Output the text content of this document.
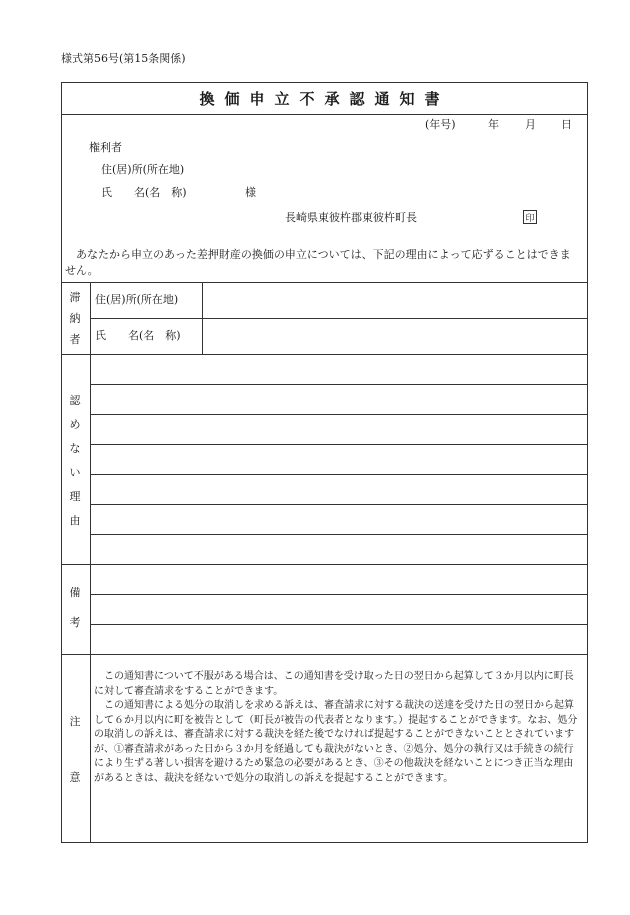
様式第56号(第15条関係)
換価申立不承認通知書
(年号)	年 月 日
権利者
住(居)所(所在地)
氏　　名(名　称)	様
長崎県東彼杵郡東彼杵町長	印
あなたから申立のあった差押財産の換価の申立については、下記の理由によって応ずることはできません。
滞
納
者
住(居)所(所在地)
氏　　名(名　称)
認
め
な
い
理
由
備
考
注
意

この通知書について不服がある場合は、この通知書を受け取った日の翌日から起算して３か月以内に町長に対して審査請求をすることができます。

この通知書による処分の取消しを求める訴えは、審査請求に対する裁決の送達を受けた日の翌日から起算して６か月以内に町を被告として（町長が被告の代表者となります。）提起することができます。なお、処分の取消しの訴えは、審査請求に対する裁決を経た後でなければ提起することができないこととされていますが、①審査請求があった日から３か月を経過しても裁決がないとき、②処分、処分の執行又は手続きの続行により生ずる著しい損害を避けるため緊急の必要があるとき、③その他裁決を経ないことにつき正当な理由があるときは、裁決を経ないで処分の取消しの訴えを提起することができます。
